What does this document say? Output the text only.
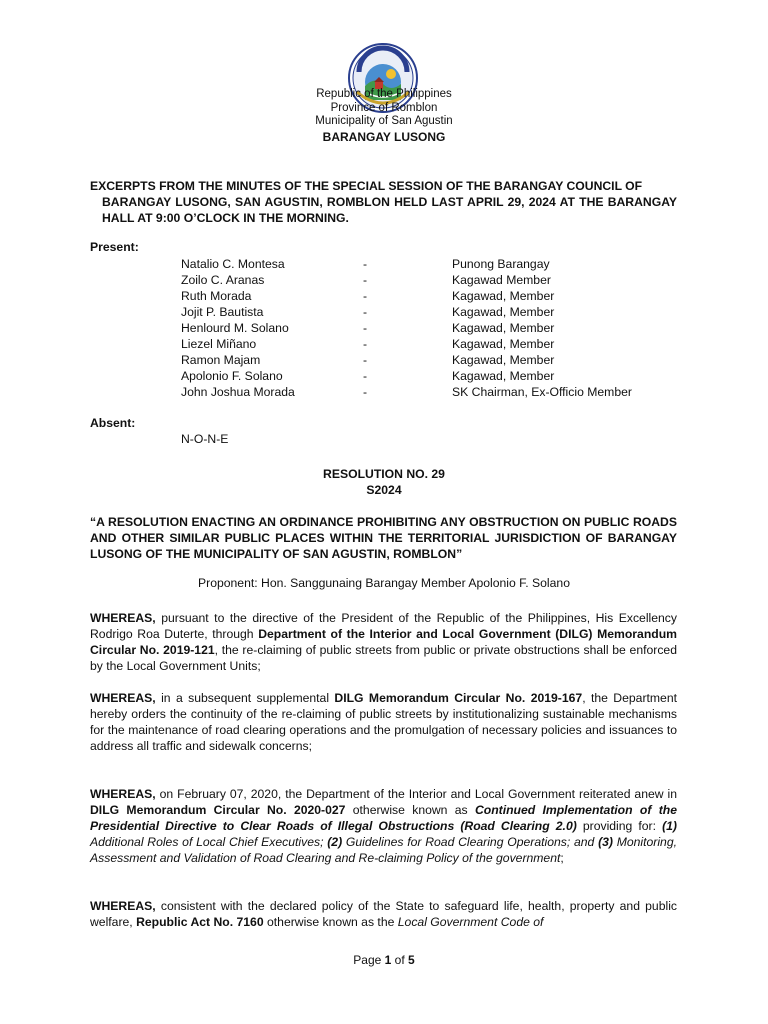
Republic of the Philippines
Province of Romblon
Municipality of San Agustin
BARANGAY LUSONG
EXCERPTS FROM THE MINUTES OF THE SPECIAL SESSION OF THE BARANGAY COUNCIL OF
BARANGAY LUSONG, SAN AGUSTIN, ROMBLON HELD LAST APRIL 29, 2024 AT THE BARANGAY HALL AT 9:00 O’CLOCK IN THE MORNING.
Present:
Natalio C. Montesa	-	Punong Barangay
Zoilo C. Aranas	-	Kagawad Member
Ruth Morada	-	Kagawad, Member
Jojit P. Bautista	-	Kagawad, Member
Henlourd M. Solano	-	Kagawad, Member
Liezel Miñano	-	Kagawad, Member
Ramon Majam	-	Kagawad, Member
Apolonio F. Solano	-	Kagawad, Member
John Joshua Morada	-	SK Chairman, Ex-Officio Member
Absent:
N-O-N-E
RESOLUTION NO. 29
S2024
“A RESOLUTION ENACTING AN ORDINANCE PROHIBITING ANY OBSTRUCTION ON PUBLIC ROADS AND OTHER SIMILAR PUBLIC PLACES WITHIN THE TERRITORIAL JURISDICTION OF BARANGAY LUSONG OF THE MUNICIPALITY OF SAN AGUSTIN, ROMBLON”
Proponent: Hon. Sanggunaing Barangay Member Apolonio F. Solano
WHEREAS, pursuant to the directive of the President of the Republic of the Philippines, His Excellency Rodrigo Roa Duterte, through Department of the Interior and Local Government (DILG) Memorandum Circular No. 2019-121, the re-claiming of public streets from public or private obstructions shall be enforced by the Local Government Units;
WHEREAS, in a subsequent supplemental DILG Memorandum Circular No. 2019-167, the Department hereby orders the continuity of the re-claiming of public streets by institutionalizing sustainable mechanisms for the maintenance of road clearing operations and the promulgation of necessary policies and issuances to address all traffic and sidewalk concerns;
WHEREAS, on February 07, 2020, the Department of the Interior and Local Government reiterated anew in DILG Memorandum Circular No. 2020-027 otherwise known as Continued Implementation of the Presidential Directive to Clear Roads of Illegal Obstructions (Road Clearing 2.0) providing for: (1) Additional Roles of Local Chief Executives; (2) Guidelines for Road Clearing Operations; and (3) Monitoring, Assessment and Validation of Road Clearing and Re-claiming Policy of the government;
WHEREAS, consistent with the declared policy of the State to safeguard life, health, property and public welfare, Republic Act No. 7160 otherwise known as the Local Government Code of
Page 1 of 5
